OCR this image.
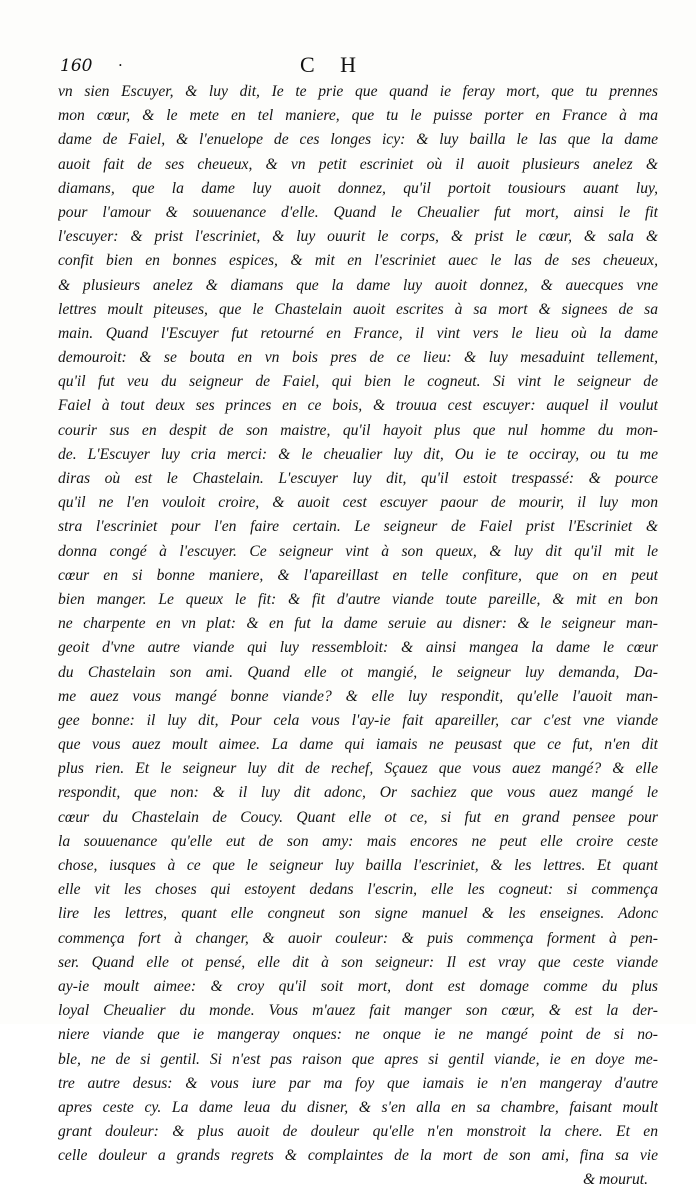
160 ·	C H
vn sien Escuyer, & luy dit, Ie te prie que quand ie feray mort, que tu prennes
mon cœur, & le mete en tel maniere, que tu le puisse porter en France à ma
dame de Faiel, & l'enuelope de ces longes icy: & luy bailla le las que la dame
auoit fait de ses cheueux, & vn petit escriniet où il auoit plusieurs anelez &
diamans, que la dame luy auoit donnez, qu'il portoit tousiours auant luy,
pour l'amour & souuenance d'elle. Quand le Cheualier fut mort, ainsi le fit
l'escuyer: & prist l'escriniet, & luy ouurit le corps, & prist le cœur, & sala &
confit bien en bonnes espices, & mit en l'escriniet auec le las de ses cheueux,
& plusieurs anelez & diamans que la dame luy auoit donnez, & auecques vne
lettres moult piteuses, que le Chastelain auoit escrites à sa mort & signees de sa
main. Quand l'Escuyer fut retourné en France, il vint vers le lieu où la dame
demouroit: & se bouta en vn bois pres de ce lieu: & luy mesaduint tellement,
qu'il fut veu du seigneur de Faiel, qui bien le cogneut. Si vint le seigneur de
Faiel à tout deux ses princes en ce bois, & trouua cest escuyer: auquel il voulut
courir sus en despit de son maistre, qu'il hayoit plus que nul homme du mon-
de. L'Escuyer luy cria merci: & le cheualier luy dit, Ou ie te occiray, ou tu me
diras où est le Chastelain. L'escuyer luy dit, qu'il estoit trespassé: & pource
qu'il ne l'en vouloit croire, & auoit cest escuyer paour de mourir, il luy mon
stra l'escriniet pour l'en faire certain. Le seigneur de Faiel prist l'Escriniet &
donna congé à l'escuyer. Ce seigneur vint à son queux, & luy dit qu'il mit le
cœur en si bonne maniere, & l'apareillast en telle confiture, que on en peut
bien manger. Le queux le fit: & fit d'autre viande toute pareille, & mit en bon
ne charpente en vn plat: & en fut la dame seruie au disner: & le seigneur man-
geoit d'vne autre viande qui luy ressembloit: & ainsi mangea la dame le cœur
du Chastelain son ami. Quand elle ot mangié, le seigneur luy demanda, Da-
me auez vous mangé bonne viande? & elle luy respondit, qu'elle l'auoit man-
gee bonne: il luy dit, Pour cela vous l'ay-ie fait apareiller, car c'est vne viande
que vous auez moult aimee. La dame qui iamais ne peusast que ce fut, n'en dit
plus rien. Et le seigneur luy dit de rechef, Sçauez que vous auez mangé? & elle
respondit, que non: & il luy dit adonc, Or sachiez que vous auez mangé le
cœur du Chastelain de Coucy. Quant elle ot ce, si fut en grand pensee pour
la souuenance qu'elle eut de son amy: mais encores ne peut elle croire ceste
chose, iusques à ce que le seigneur luy bailla l'escriniet, & les lettres. Et quant
elle vit les choses qui estoyent dedans l'escrin, elle les cogneut: si commença
lire les lettres, quant elle congneut son signe manuel & les enseignes. Adonc
commença fort à changer, & auoir couleur: & puis commença forment à pen-
ser. Quand elle ot pensé, elle dit à son seigneur: Il est vray que ceste viande
ay-ie moult aimee: & croy qu'il soit mort, dont est domage comme du plus
loyal Cheualier du monde. Vous m'auez fait manger son cœur, & est la der-
niere viande que ie mangeray onques: ne onque ie ne mangé point de si no-
ble, ne de si gentil. Si n'est pas raison que apres si gentil viande, ie en doye me-
tre autre desus: & vous iure par ma foy que iamais ie n'en mangeray d'autre
apres ceste cy. La dame leua du disner, & s'en alla en sa chambre, faisant moult
grant douleur: & plus auoit de douleur qu'elle n'en monstroit la chere. Et en
celle douleur a grands regrets & complaintes de la mort de son ami, fina sa vie
& mourut.
